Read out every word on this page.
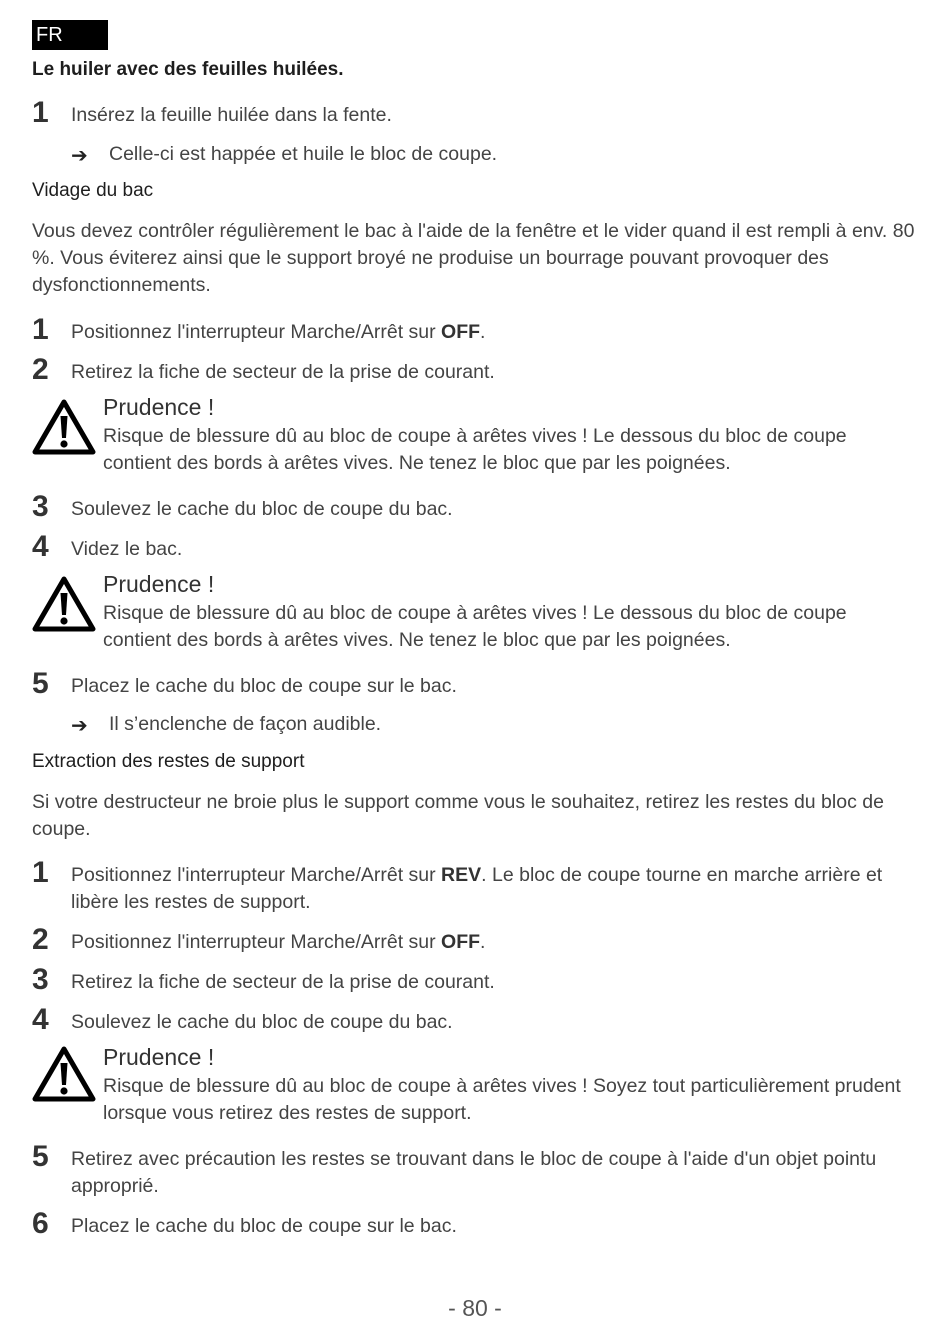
FR
Le huiler avec des feuilles huilées.
1 Insérez la feuille huilée dans la fente.
➔ Celle-ci est happée et huile le bloc de coupe.
Vidage du bac
Vous devez contrôler régulièrement le bac à l'aide de la fenêtre et le vider quand il est rempli à env. 80 %. Vous éviterez ainsi que le support broyé ne produise un bourrage pouvant provoquer des dysfonctionnements.
1 Positionnez l'interrupteur Marche/Arrêt sur OFF.
2 Retirez la fiche de secteur de la prise de courant.
Prudence !
Risque de blessure dû au bloc de coupe à arêtes vives ! Le dessous du bloc de coupe contient des bords à arêtes vives. Ne tenez le bloc que par les poignées.
3 Soulevez le cache du bloc de coupe du bac.
4 Videz le bac.
Prudence !
Risque de blessure dû au bloc de coupe à arêtes vives ! Le dessous du bloc de coupe contient des bords à arêtes vives. Ne tenez le bloc que par les poignées.
5 Placez le cache du bloc de coupe sur le bac.
➔ Il s’enclenche de façon audible.
Extraction des restes de support
Si votre destructeur ne broie plus le support comme vous le souhaitez, retirez les restes du bloc de coupe.
1 Positionnez l'interrupteur Marche/Arrêt sur REV. Le bloc de coupe tourne en marche arrière et libère les restes de support.
2 Positionnez l'interrupteur Marche/Arrêt sur OFF.
3 Retirez la fiche de secteur de la prise de courant.
4 Soulevez le cache du bloc de coupe du bac.
Prudence !
Risque de blessure dû au bloc de coupe à arêtes vives ! Soyez tout particulièrement prudent lorsque vous retirez des restes de support.
5 Retirez avec précaution les restes se trouvant dans le bloc de coupe à l'aide d'un objet pointu approprié.
6 Placez le cache du bloc de coupe sur le bac.
- 80 -
